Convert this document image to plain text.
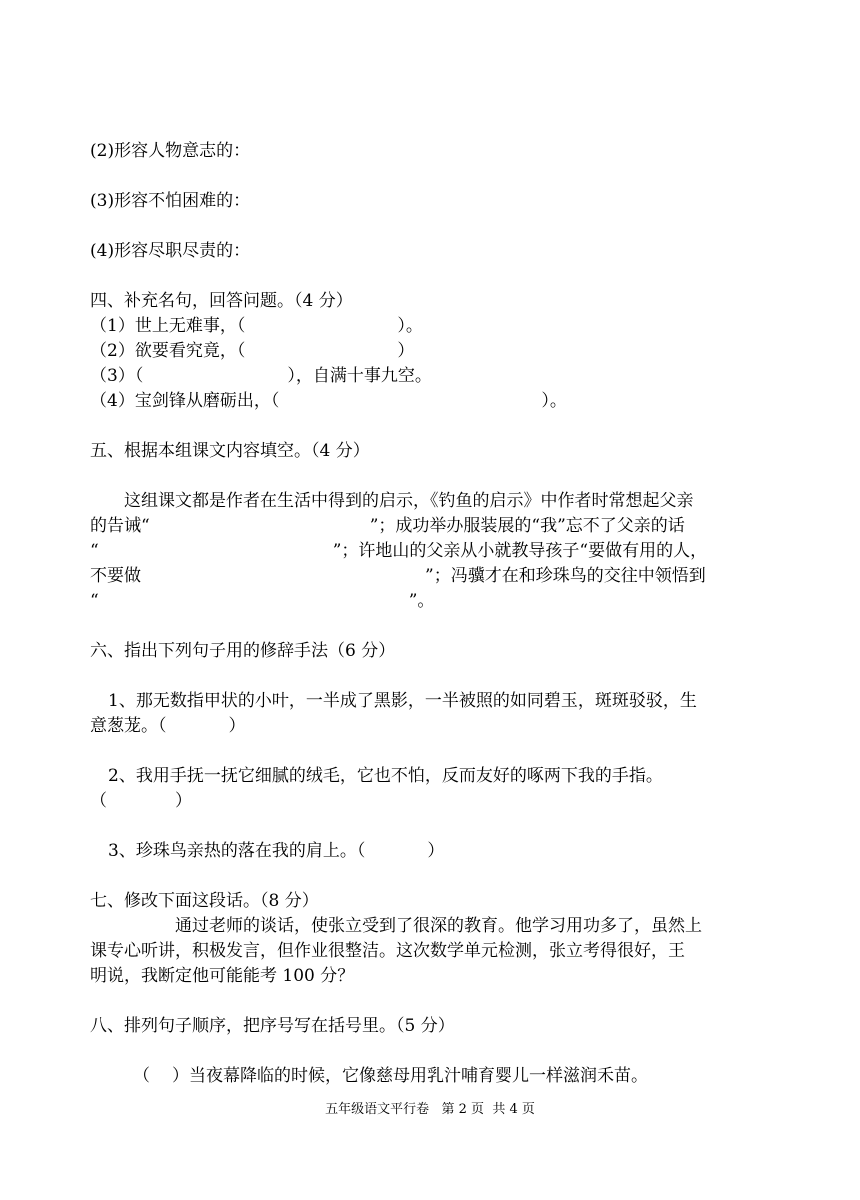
(2)形容人物意志的：
(3)形容不怕困难的：
(4)形容尽职尽责的：
四、补充名句，回答问题。（4 分）
（1）世上无难事，（	）。
（2）欲要看究竟，（	）
（3）（	），自满十事九空。
（4）宝剑锋从磨砺出，（	）。
五、根据本组课文内容填空。（4 分）
这组课文都是作者在生活中得到的启示，《钓鱼的启示》中作者时常想起父亲
的告诫“	”；成功举办服装展的“我”忘不了父亲的话
“	”；许地山的父亲从小就教导孩子“要做有用的人，
不要做	”；冯骥才在和珍珠鸟的交往中领悟到
“	”。
六、指出下列句子用的修辞手法（6 分）
1、那无数指甲状的小叶，一半成了黑影，一半被照的如同碧玉，斑斑驳驳，生
意葱茏。（	）
2、我用手抚一抚它细腻的绒毛，它也不怕，反而友好的啄两下我的手指。
（	）
3、珍珠鸟亲热的落在我的肩上。（	）
七、修改下面这段话。（8 分）
通过老师的谈话，使张立受到了很深的教育。他学习用功多了，虽然上
课专心听讲，积极发言，但作业很整洁。这次数学单元检测，张立考得很好，王
明说，我断定他可能能考 100 分？
八、排列句子顺序，把序号写在括号里。（5 分）
（ ）当夜幕降临的时候，它像慈母用乳汁哺育婴儿一样滋润禾苗。
五年级语文平行卷   第 2 页  共 4 页
